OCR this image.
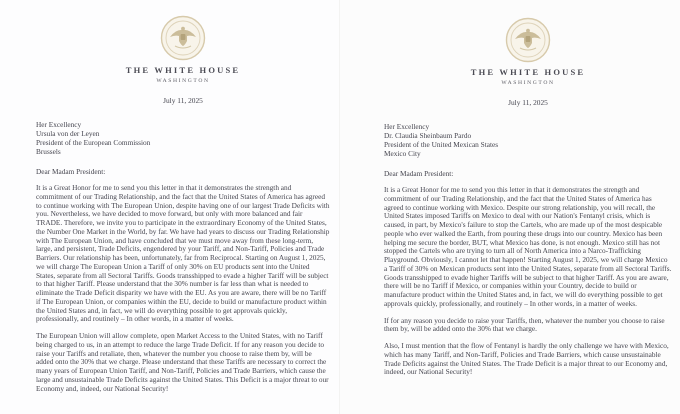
THE WHITE HOUSE
WASHINGTON
July 11, 2025
Her Excellency
Ursula von der Leyen
President of the European Commission
Brussels
Dear Madam President:

It is a Great Honor for me to send you this letter in that it demonstrates the strength and commitment of our Trading Relationship, and the fact that the United States of America has agreed to continue working with The European Union, despite having one of our largest Trade Deficits with you. Nevertheless, we have decided to move forward, but only with more balanced and fair TRADE. Therefore, we invite you to participate in the extraordinary Economy of the United States, the Number One Market in the World, by far. We have had years to discuss our Trading Relationship with The European Union, and have concluded that we must move away from these long-term, large, and persistent, Trade Deficits, engendered by your Tariff, and Non-Tariff, Policies and Trade Barriers. Our relationship has been, unfortunately, far from Reciprocal. Starting on August 1, 2025, we will charge The European Union a Tariff of only 30% on EU products sent into the United States, separate from all Sectoral Tariffs. Goods transshipped to evade a higher Tariff will be subject to that higher Tariff. Please understand that the 30% number is far less than what is needed to eliminate the Trade Deficit disparity we have with the EU. As you are aware, there will be no Tariff if The European Union, or companies within the EU, decide to build or manufacture product within the United States and, in fact, we will do everything possible to get approvals quickly, professionally, and routinely – In other words, in a matter of weeks.

The European Union will allow complete, open Market Access to the United States, with no Tariff being charged to us, in an attempt to reduce the large Trade Deficit. If for any reason you decide to raise your Tariffs and retaliate, then, whatever the number you choose to raise them by, will be added onto the 30% that we charge. Please understand that these Tariffs are necessary to correct the many years of European Union Tariff, and Non-Tariff, Policies and Trade Barriers, which cause the large and unsustainable Trade Deficits against the United States. This Deficit is a major threat to our Economy and, indeed, our National Security!

THE WHITE HOUSE
WASHINGTON
July 11, 2025
Her Excellency
Dr. Claudia Sheinbaum Pardo
President of the United Mexican States
Mexico City
Dear Madam President:

It is a Great Honor for me to send you this letter in that it demonstrates the strength and commitment of our Trading Relationship, and the fact that the United States of America has agreed to continue working with Mexico. Despite our strong relationship, you will recall, the United States imposed Tariffs on Mexico to deal with our Nation's Fentanyl crisis, which is caused, in part, by Mexico's failure to stop the Cartels, who are made up of the most despicable people who ever walked the Earth, from pouring these drugs into our country. Mexico has been helping me secure the border, BUT, what Mexico has done, is not enough. Mexico still has not stopped the Cartels who are trying to turn all of North America into a Narco-Trafficking Playground. Obviously, I cannot let that happen! Starting August 1, 2025, we will charge Mexico a Tariff of 30% on Mexican products sent into the United States, separate from all Sectoral Tariffs. Goods transshipped to evade higher Tariffs will be subject to that higher Tariff. As you are aware, there will be no Tariff if Mexico, or companies within your Country, decide to build or manufacture product within the United States and, in fact, we will do everything possible to get approvals quickly, professionally, and routinely – In other words, in a matter of weeks.

If for any reason you decide to raise your Tariffs, then, whatever the number you choose to raise them by, will be added onto the 30% that we charge.

Also, I must mention that the flow of Fentanyl is hardly the only challenge we have with Mexico, which has many Tariff, and Non-Tariff, Policies and Trade Barriers, which cause unsustainable Trade Deficits against the United States. The Trade Deficit is a major threat to our Economy and, indeed, our National Security!
